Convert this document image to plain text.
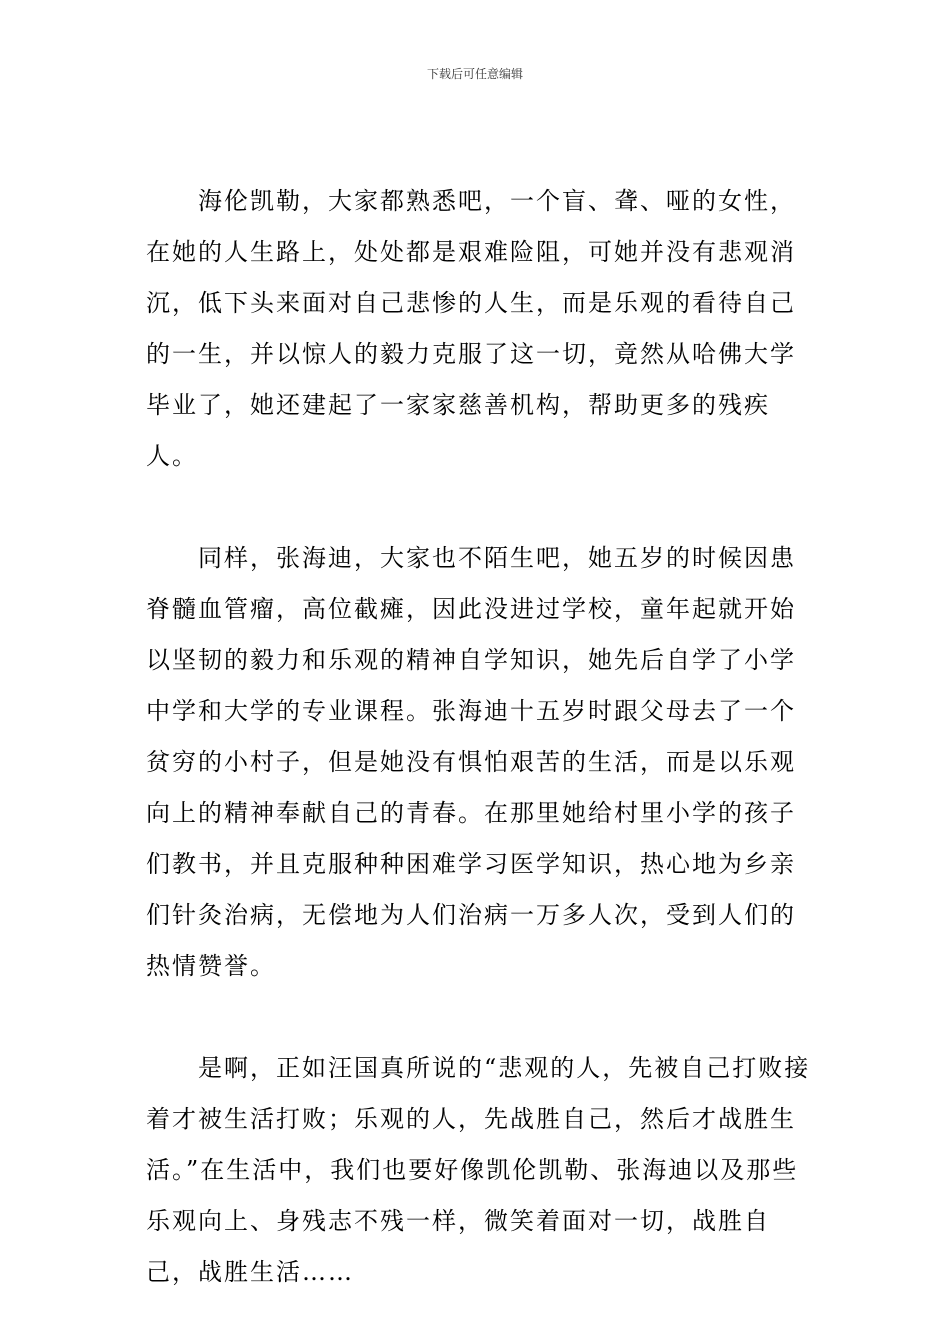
下载后可任意编辑

海伦凯勒，大家都熟悉吧，一个盲、聋、哑的女性，在她的人生路上，处处都是艰难险阻，可她并没有悲观消沉，低下头来面对自己悲惨的人生，而是乐观的看待自己的一生，并以惊人的毅力克服了这一切，竟然从哈佛大学毕业了，她还建起了一家家慈善机构，帮助更多的残疾人。

同样，张海迪，大家也不陌生吧，她五岁的时候因患脊髓血管瘤，高位截瘫，因此没进过学校，童年起就开始以坚韧的毅力和乐观的精神自学知识，她先后自学了小学中学和大学的专业课程。张海迪十五岁时跟父母去了一个贫穷的小村子，但是她没有惧怕艰苦的生活，而是以乐观向上的精神奉献自己的青春。在那里她给村里小学的孩子们教书，并且克服种种困难学习医学知识，热心地为乡亲们针灸治病，无偿地为人们治病一万多人次，受到人们的热情赞誉。

是啊，正如汪国真所说的“悲观的人，先被自己打败接着才被生活打败；乐观的人，先战胜自己，然后才战胜生活。”在生活中，我们也要好像凯伦凯勒、张海迪以及那些乐观向上、身残志不残一样，微笑着面对一切，战胜自己，战胜生活……
